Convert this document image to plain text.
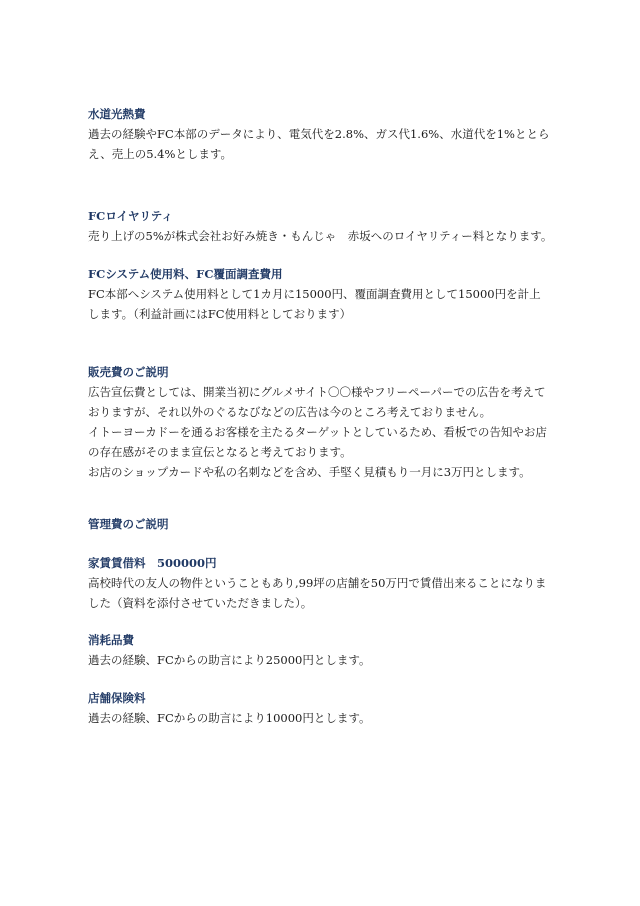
水道光熱費
過去の経験やFC本部のデータにより、電気代を2.8%、ガス代1.6%、水道代を1%ととら
え、売上の5.4%とします。
FCロイヤリティ
売り上げの5%が株式会社お好み焼き・もんじゃ　赤坂へのロイヤリティー料となります。
FCシステム使用料、FC覆面調査費用
FC本部へシステム使用料として1カ月に15000円、覆面調査費用として15000円を計上
します。（利益計画にはFC使用料としております）
販売費のご説明
広告宣伝費としては、開業当初にグルメサイト〇〇様やフリーペーパーでの広告を考えて
おりますが、それ以外のぐるなびなどの広告は今のところ考えておりません。
イトーヨーカドーを通るお客様を主たるターゲットとしているため、看板での告知やお店
の存在感がそのまま宣伝となると考えております。
お店のショップカードや私の名刺などを含め、手堅く見積もり一月に3万円とします。
管理費のご説明
家賃賃借料　500000円
高校時代の友人の物件ということもあり,99坪の店舗を50万円で賃借出来ることになりま
した（資料を添付させていただきました）。
消耗品費
過去の経験、FCからの助言により25000円とします。
店舗保険料
過去の経験、FCからの助言により10000円とします。
